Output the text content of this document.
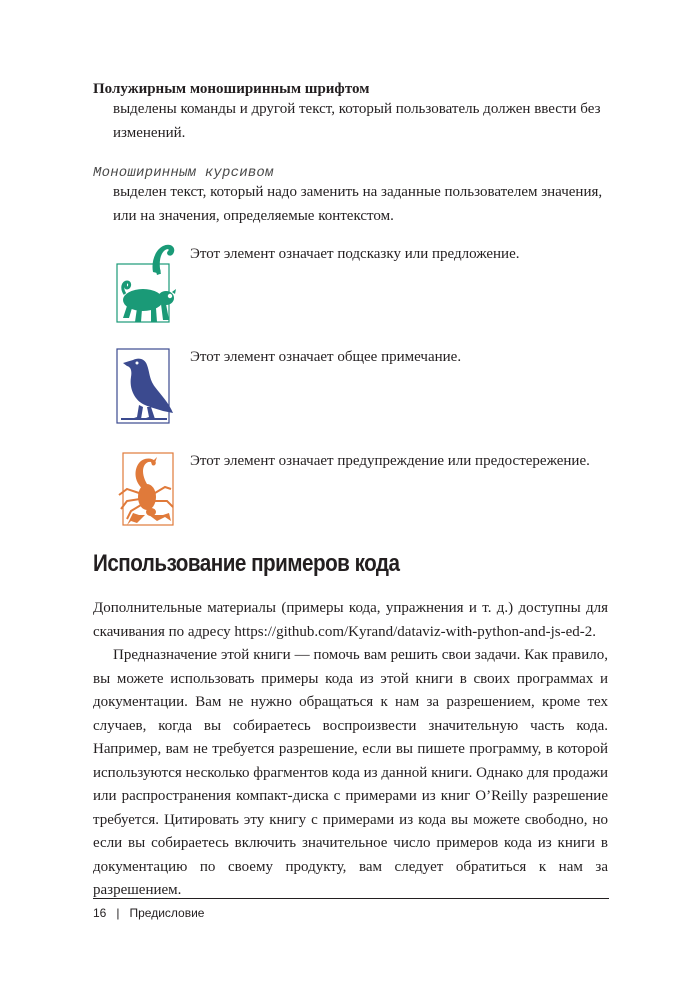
Полужирным моноширинным шрифтом
выделены команды и другой текст, который пользователь должен ввести без изменений.
Моноширинным курсивом
выделен текст, который надо заменить на заданные пользователем значения, или на значения, определяемые контекстом.
Этот элемент означает подсказку или предложение.
Этот элемент означает общее примечание.
Этот элемент означает предупреждение или предостережение.
Использование примеров кода

Дополнительные материалы (примеры кода, упражнения и т. д.) доступны для скачивания по адресу https://github.com/Kyrand/dataviz-with-python-and-js-ed-2.

Предназначение этой книги — помочь вам решить свои задачи. Как правило, вы можете использовать примеры кода из этой книги в своих программах и документации. Вам не нужно обращаться к нам за разрешением, кроме тех случаев, когда вы собираетесь воспроизвести значительную часть кода. Например, вам не требуется разрешение, если вы пишете программу, в которой используются несколько фрагментов кода из данной книги. Однако для продажи или распространения компакт-диска с примерами из книг O’Reilly разрешение требуется. Цитировать эту книгу с примерами из кода вы можете свободно, но если вы собираетесь включить значительное число примеров кода из книги в документацию по своему продукту, вам следует обратиться к нам за разрешением.

16 | Предисловие
